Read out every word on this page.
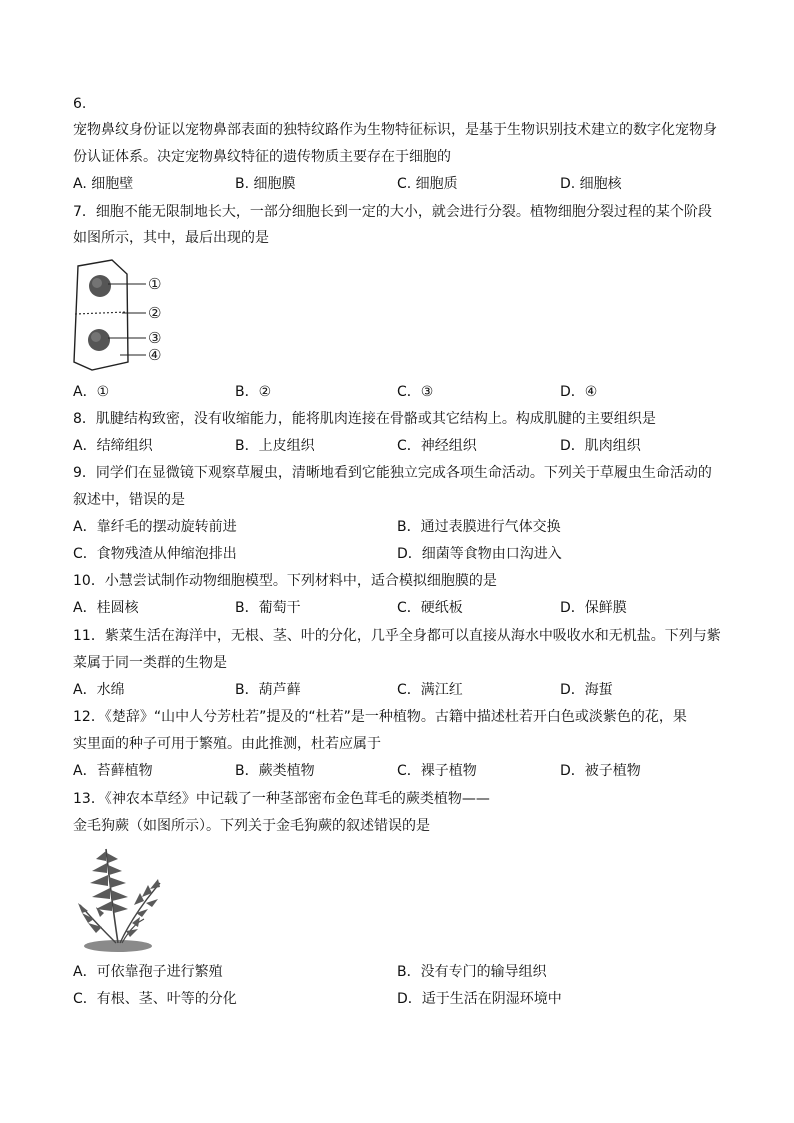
6.
宠物鼻纹身份证以宠物鼻部表面的独特纹路作为生物特征标识，是基于生物识别技术建立的数字化宠物身
份认证体系。决定宠物鼻纹特征的遗传物质主要存在于细胞的
A. 细胞壁	B. 细胞膜	C. 细胞质	D. 细胞核
7．细胞不能无限制地长大，一部分细胞长到一定的大小，就会进行分裂。植物细胞分裂过程的某个阶段
如图所示，其中，最后出现的是
①
②
③
④
A．①	B．②	C．③	D．④
8．肌腱结构致密，没有收缩能力，能将肌肉连接在骨骼或其它结构上。构成肌腱的主要组织是
A．结缔组织	B．上皮组织	C．神经组织	D．肌肉组织
9．同学们在显微镜下观察草履虫，清晰地看到它能独立完成各项生命活动。下列关于草履虫生命活动的
叙述中，错误的是
A．靠纤毛的摆动旋转前进	B．通过表膜进行气体交换
C．食物残渣从伸缩泡排出	D．细菌等食物由口沟进入
10．小慧尝试制作动物细胞模型。下列材料中，适合模拟细胞膜的是
A．桂圆核	B．葡萄干	C．硬纸板	D．保鲜膜
11．紫菜生活在海洋中，无根、茎、叶的分化，几乎全身都可以直接从海水中吸收水和无机盐。下列与紫
菜属于同一类群的生物是
A．水绵	B．葫芦藓	C．满江红	D．海蜇
12．《楚辞》“山中人兮芳杜若”提及的“杜若”是一种植物。古籍中描述杜若开白色或淡紫色的花，果
实里面的种子可用于繁殖。由此推测，杜若应属于
A．苔藓植物	B．蕨类植物	C．裸子植物	D．被子植物
13．《神农本草经》中记载了一种茎部密布金色茸毛的蕨类植物——
金毛狗蕨（如图所示）。下列关于金毛狗蕨的叙述错误的是
A．可依靠孢子进行繁殖	B．没有专门的输导组织
C．有根、茎、叶等的分化	D．适于生活在阴湿环境中
